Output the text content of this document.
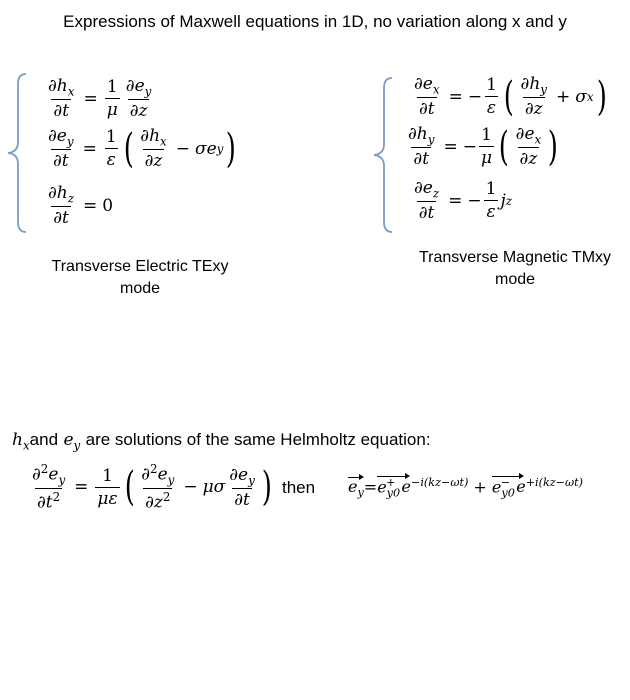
Expressions of Maxwell equations in 1D, no variation along x and y
$\frac{\partial h_x}{\partial t} = \frac{1}{\mu} \frac{\partial e_y}{\partial z}$
$\frac{\partial e_y}{\partial t} = \frac{1}{\varepsilon}$ ( $\frac{\partial h_x}{\partial z} - \sigma e$ y )
$\frac{\partial h_z}{\partial t} = 0$
Transverse Electric TExy
mode
$\frac{\partial e_x}{\partial t}$ = − $\frac{1}{\varepsilon}$ ( $\frac{\partial h_y}{\partial z} + \sigma$ x )
$\frac{\partial h_y}{\partial t}$ = − $\frac{1}{\mu}$ ( $\frac{\partial e_x}{\partial z}$ )
$\frac{\partial e_z}{\partial t}$ = − $\frac{1}{\varepsilon}$ j z
Transverse Magnetic TMxy
mode
$h_xand$ $e_y$ are solutions of the same Helmholtz equation:
$\frac{\partial^2e_y}{\partial t^2} = \frac{1}{\mu\varepsilon}$ ( $\frac{\partial^2e_y}{\partial z^2} - \mu\sigma \frac{\partial e_y}{\partial t}$ ) then $e_y=e_{y0}^+$ $e^{-i(kz-\omega t)} + e_{y0}^-$ $e^{+i(kz-\omega t)}$
